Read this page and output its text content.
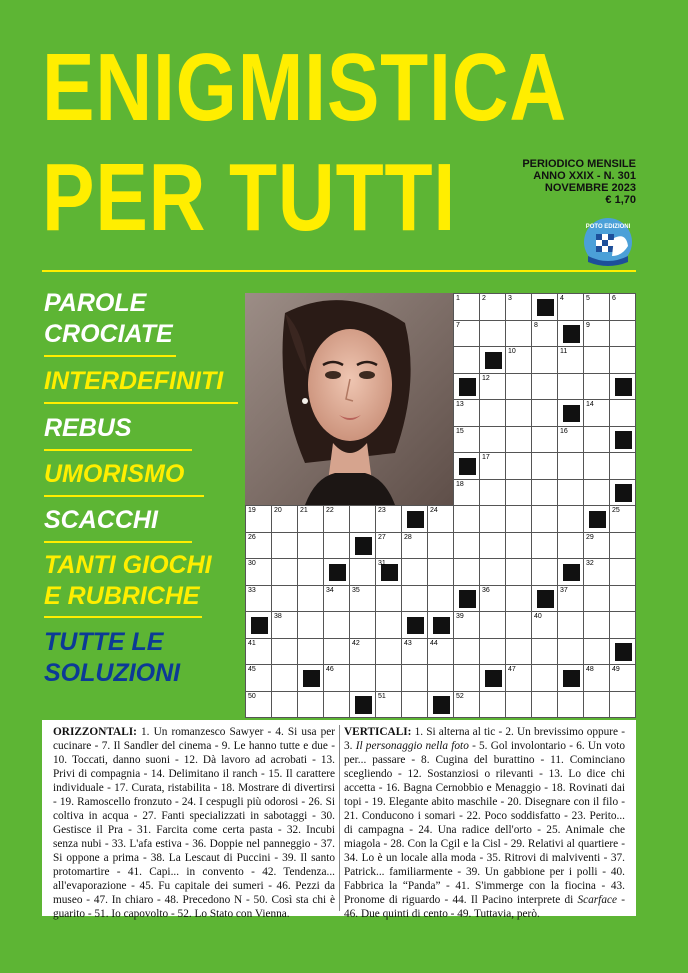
ENIGMISTICA
PER TUTTI	PERIODICO MENSILE
ANNO XXIX - N. 301
NOVEMBRE 2023
€ 1,70
POTO EDIZIONI
PAROLE
CROCIATE
INTERDEFINITI
REBUS
UMORISMO
SCACCHI
TANTI GIOCHI
E RUBRICHE
TUTTE LE
SOLUZIONI
1	2	3	4	5	6
7	8	9
10	11
12
13	14
15	16
17
18
19	20	21	22	23	24	25
26	27	28	29
30	31	32
33	34	35	36	37
38	39	40
41	42	43	44
45	46	47	48	49
50	51	52
ORIZZONTALI: 1. Un romanzesco Sawyer - 4. Si usa per cucinare - 7. Il Sandler del cinema - 9. Le hanno tutte e due - 10. Toccati, danno suoni - 12. Dà lavoro ad acrobati - 13. Privi di compagnia - 14. Delimitano il ranch - 15. Il carattere individuale - 17. Curata, ristabilita - 18. Mostrare di divertirsi - 19. Ramoscello fronzuto - 24. I cespugli più odorosi - 26. Si coltiva in acqua - 27. Fanti specializzati in sabotaggi - 30. Gestisce il Pra - 31. Farcita come certa pasta - 32. Incubi senza nubi - 33. L'afa estiva - 36. Doppie nel panneggio - 37. Si oppone a prima - 38. La Lescaut di Puccini - 39. Il santo protomartire - 41. Capi... in convento - 42. Tendenza... all'evaporazione - 45. Fu capitale dei sumeri - 46. Pezzi da museo - 47. In chiaro - 48. Precedono N - 50. Così sta chi è guarito - 51. Io capovolto - 52. Lo Stato con Vienna.
VERTICALI: 1. Si alterna al tic - 2. Un brevissimo oppure - 3. Il personaggio nella foto - 5. Gol involontario - 6. Un voto per... passare - 8. Cugina del burattino - 11. Cominciano scegliendo - 12. Sostanziosi o rilevanti - 13. Lo dice chi accetta - 16. Bagna Cernobbio e Menaggio - 18. Rovinati dai topi - 19. Elegante abito maschile - 20. Disegnare con il filo - 21. Conducono i somari - 22. Poco soddisfatto - 23. Perito... di campagna - 24. Una radice dell'orto - 25. Animale che miagola - 28. Con la Cgil e la Cisl - 29. Relativi al quartiere - 34. Lo è un locale alla moda - 35. Ritrovi di malviventi - 37. Patrick... familiarmente - 39. Un gabbione per i polli - 40. Fabbrica la “Panda” - 41. S'immerge con la fiocina - 43. Pronome di riguardo - 44. Il Pacino interprete di Scarface - 46. Due quinti di cento - 49. Tuttavia, però.
